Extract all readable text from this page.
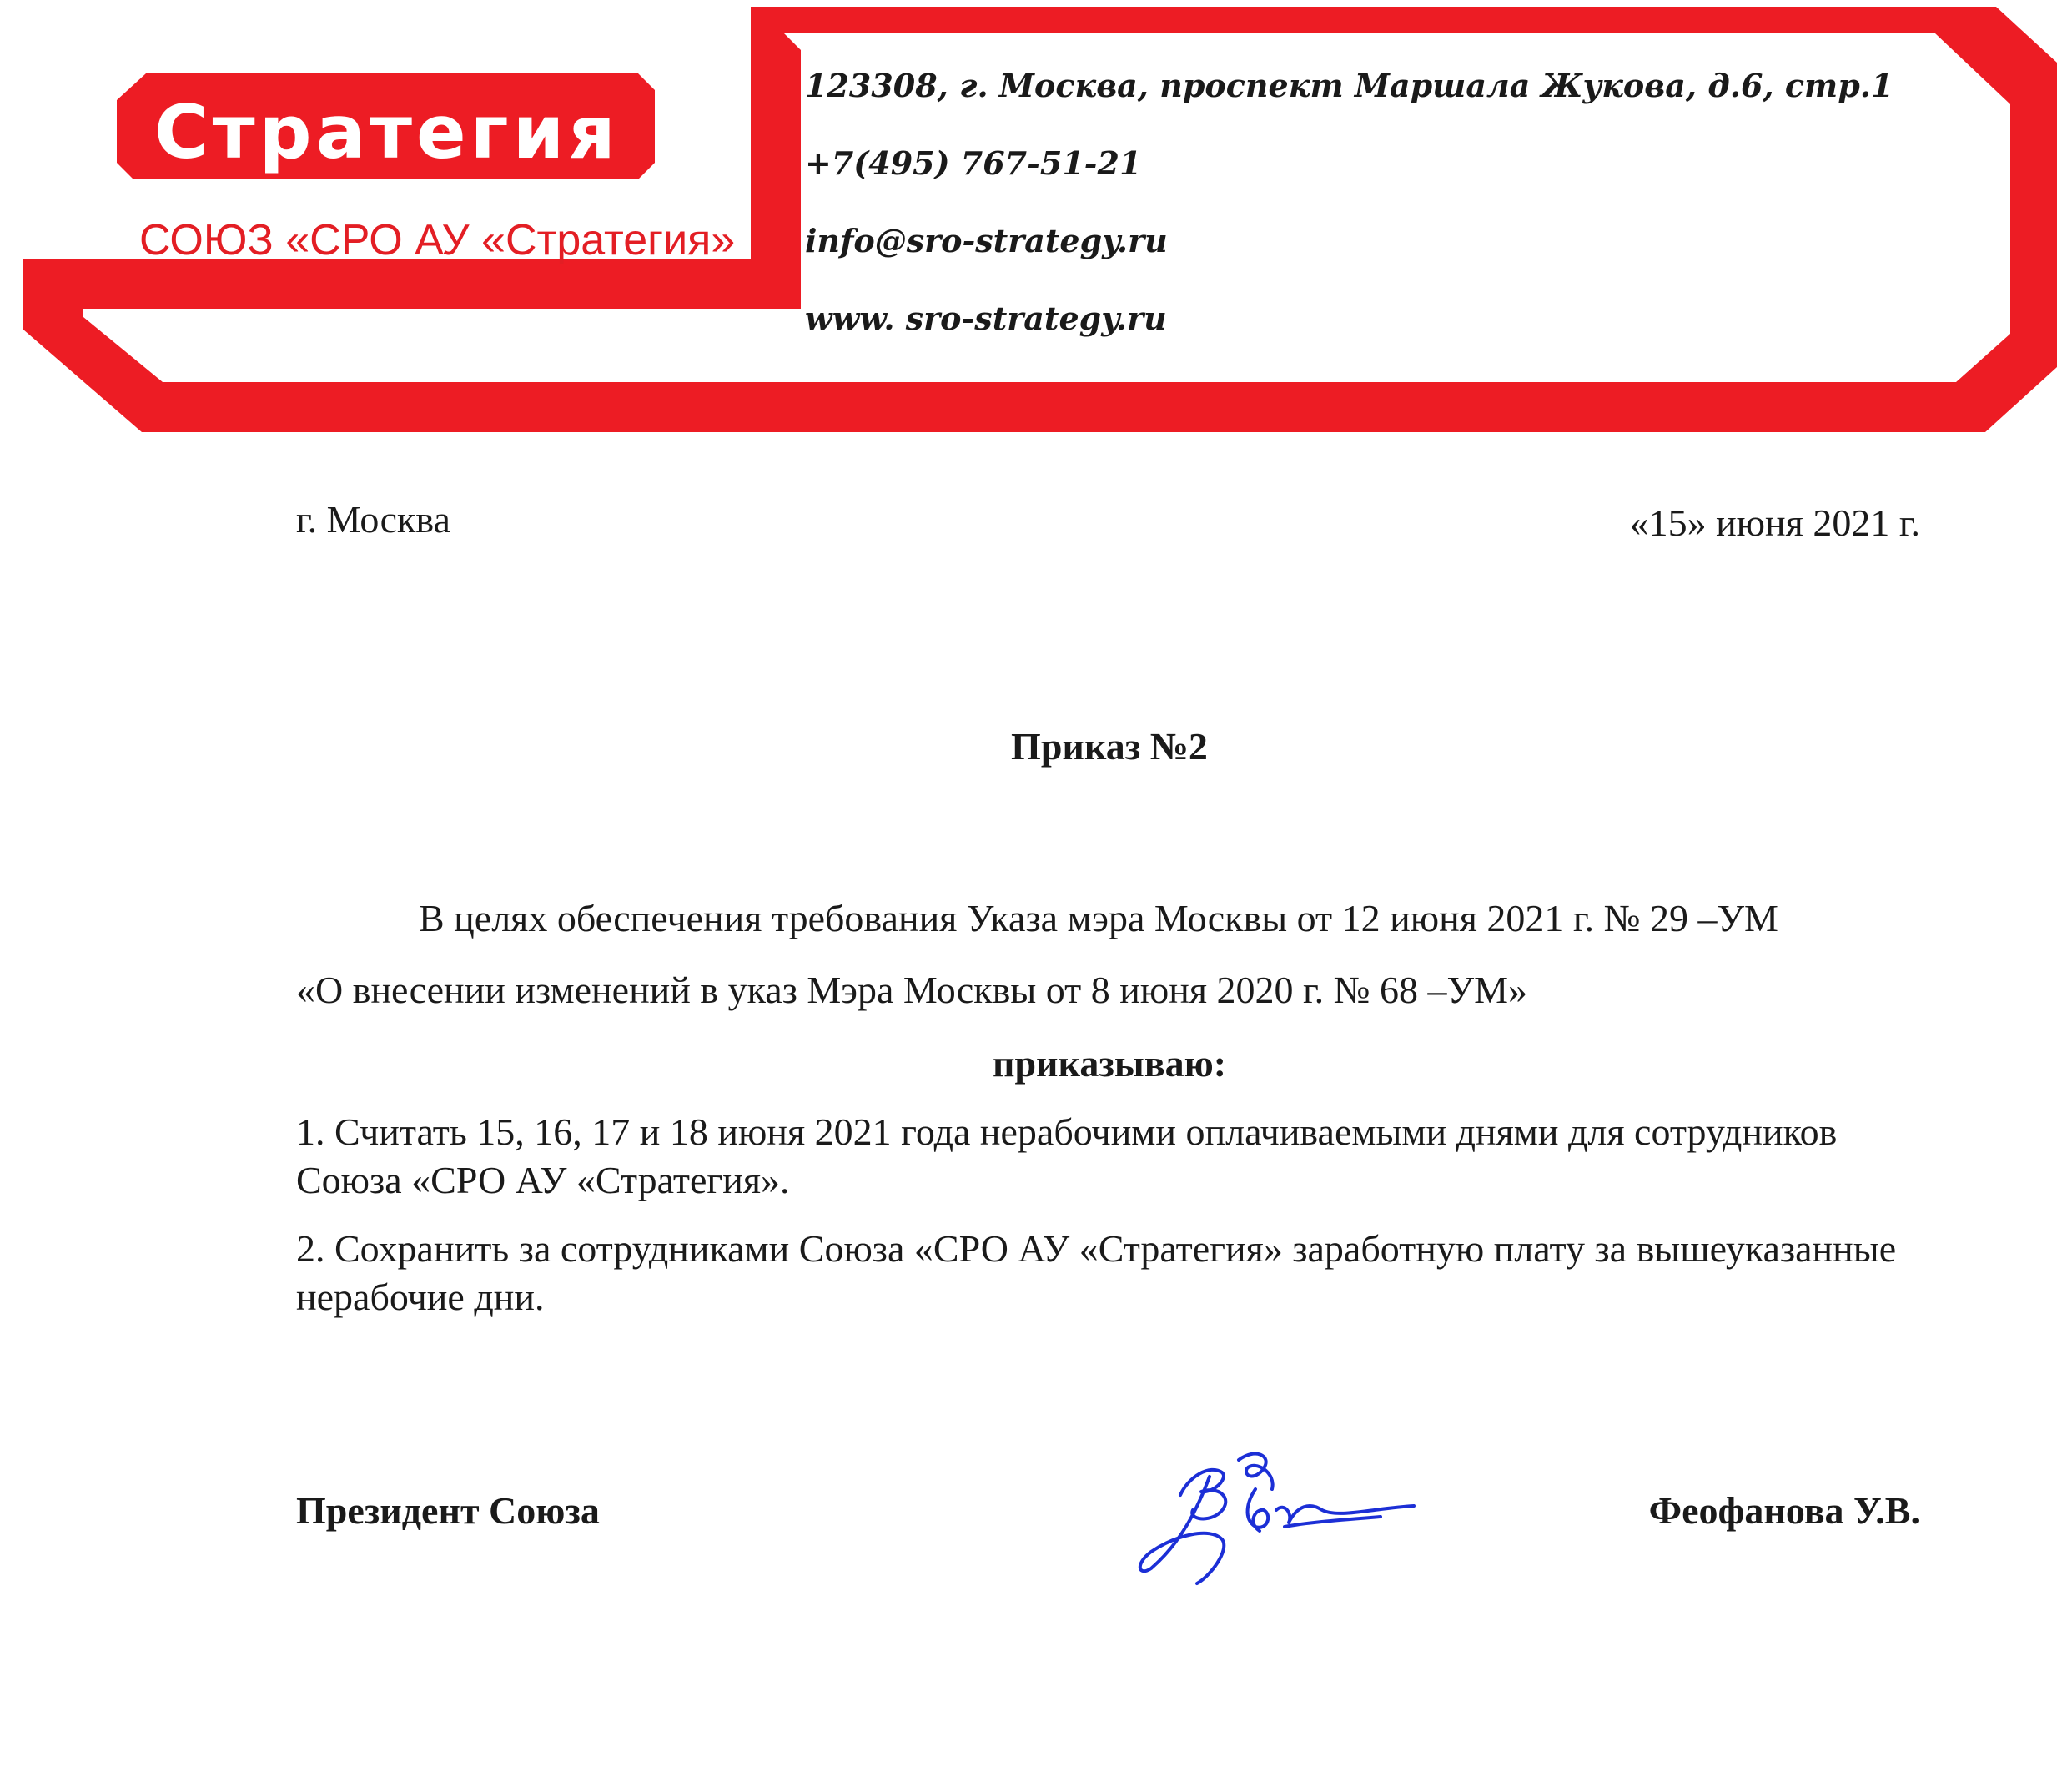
Стратегия
СОЮЗ «СРО АУ «Стратегия»
123308, г. Москва, проспект Маршала Жукова, д.6, стр.1
+7(495) 767-51-21
info@sro-strategy.ru
www. sro-strategy.ru
г. Москва	«15» июня 2021 г.
Приказ №2
В целях обеспечения требования Указа мэра Москвы от 12 июня 2021 г. № 29 –УМ
«О внесении изменений в указ Мэра Москвы от 8 июня 2020 г. № 68 –УМ»
приказываю:
1. Считать 15, 16, 17 и 18 июня 2021 года нерабочими оплачиваемыми днями для сотрудников Союза «СРО АУ «Стратегия».
2. Сохранить за сотрудниками Союза «СРО АУ «Стратегия» заработную плату за вышеуказанные нерабочие дни.
Президент Союза	Феофанова У.В.
